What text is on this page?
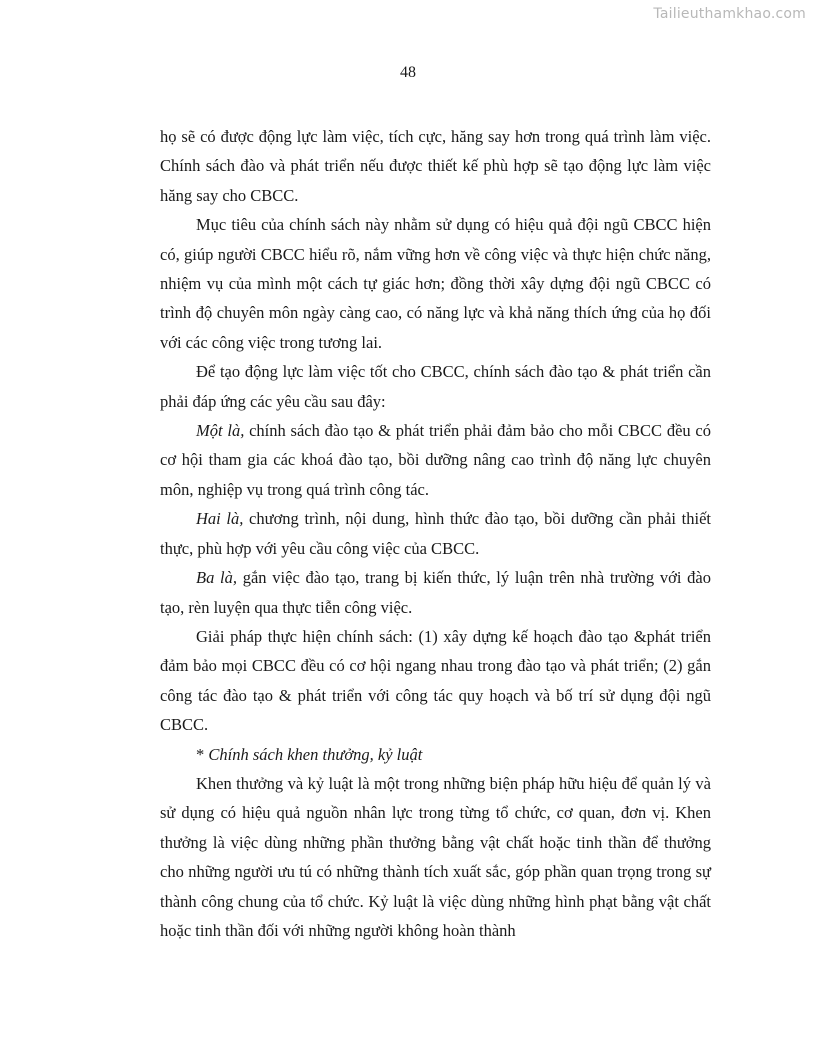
Tailieuthamkhao.com
48

họ sẽ có được động lực làm việc, tích cực, hăng say hơn trong quá trình làm việc. Chính sách đào và phát triển nếu được thiết kế phù hợp sẽ tạo động lực làm việc hăng say cho CBCC.

Mục tiêu của chính sách này nhằm sử dụng có hiệu quả đội ngũ CBCC hiện có, giúp người CBCC hiểu rõ, nắm vững hơn về công việc và thực hiện chức năng, nhiệm vụ của mình một cách tự giác hơn; đồng thời xây dựng đội ngũ CBCC có trình độ chuyên môn ngày càng cao, có năng lực và khả năng thích ứng của họ đối với các công việc trong tương lai.

Để tạo động lực làm việc tốt cho CBCC, chính sách đào tạo & phát triển cần phải đáp ứng các yêu cầu sau đây:

Một là, chính sách đào tạo & phát triển phải đảm bảo cho mỗi CBCC đều có cơ hội tham gia các khoá đào tạo, bồi dưỡng nâng cao trình độ năng lực chuyên môn, nghiệp vụ trong quá trình công tác.

Hai là, chương trình, nội dung, hình thức đào tạo, bồi dưỡng cần phải thiết thực, phù hợp với yêu cầu công việc của CBCC.

Ba là, gắn việc đào tạo, trang bị kiến thức, lý luận trên nhà trường với đào tạo, rèn luyện qua thực tiễn công việc.

Giải pháp thực hiện chính sách: (1) xây dựng kế hoạch đào tạo &phát triển đảm bảo mọi CBCC đều có cơ hội ngang nhau trong đào tạo và phát triển; (2) gắn công tác đào tạo & phát triển với công tác quy hoạch và bố trí sử dụng đội ngũ CBCC.

* Chính sách khen thưởng, kỷ luật

Khen thưởng và kỷ luật là một trong những biện pháp hữu hiệu để quản lý và sử dụng có hiệu quả nguồn nhân lực trong từng tổ chức, cơ quan, đơn vị. Khen thưởng là việc dùng những phần thưởng bằng vật chất hoặc tinh thần để thưởng cho những người ưu tú có những thành tích xuất sắc, góp phần quan trọng trong sự thành công chung của tổ chức. Kỷ luật là việc dùng những hình phạt bằng vật chất hoặc tinh thần đối với những người không hoàn thành
